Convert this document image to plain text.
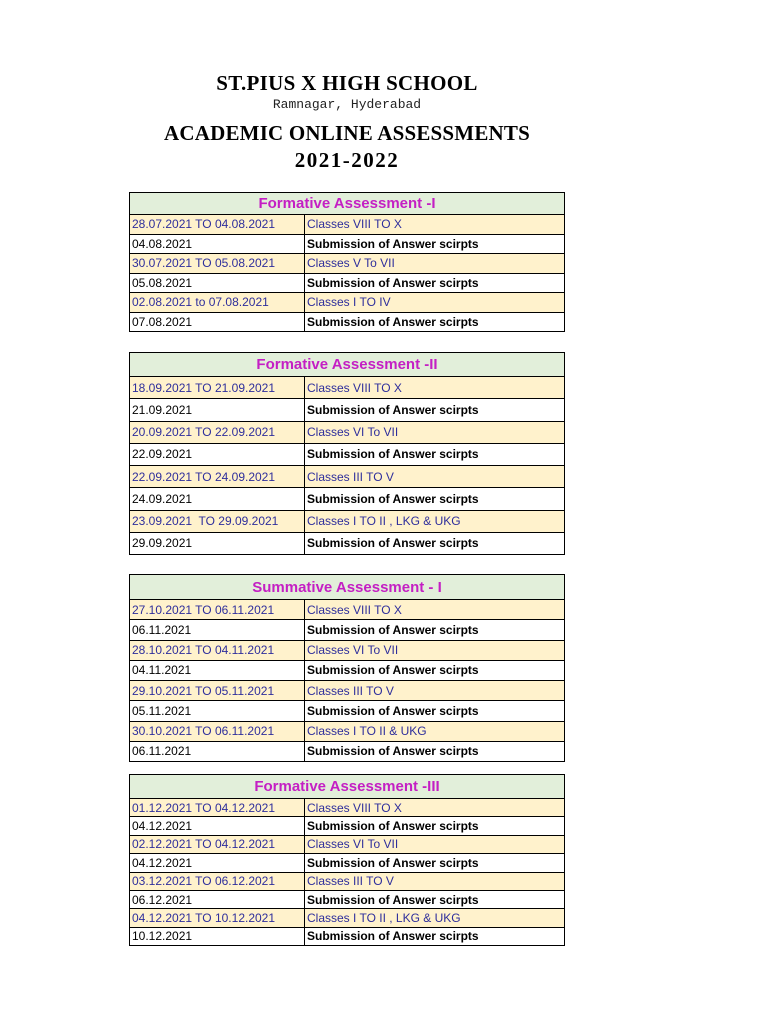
ST.PIUS X HIGH SCHOOL
Ramnagar, Hyderabad
ACADEMIC ONLINE ASSESSMENTS
2021-2022
Formative Assessment -I
28.07.2021 TO 04.08.2021	Classes VIII TO X
04.08.2021	Submission of Answer scirpts
30.07.2021 TO 05.08.2021	Classes V To VII
05.08.2021	Submission of Answer scirpts
02.08.2021 to 07.08.2021	Classes I TO IV
07.08.2021	Submission of Answer scirpts
Formative Assessment -II
18.09.2021 TO 21.09.2021	Classes VIII TO X
21.09.2021	Submission of Answer scirpts
20.09.2021 TO 22.09.2021	Classes VI To VII
22.09.2021	Submission of Answer scirpts
22.09.2021 TO 24.09.2021	Classes III TO V
24.09.2021	Submission of Answer scirpts
23.09.2021  TO 29.09.2021	Classes I TO II , LKG & UKG
29.09.2021	Submission of Answer scirpts
Summative Assessment - I
27.10.2021 TO 06.11.2021	Classes VIII TO X
06.11.2021	Submission of Answer scirpts
28.10.2021 TO 04.11.2021	Classes VI To VII
04.11.2021	Submission of Answer scirpts
29.10.2021 TO 05.11.2021	Classes III TO V
05.11.2021	Submission of Answer scirpts
30.10.2021 TO 06.11.2021	Classes I TO II & UKG
06.11.2021	Submission of Answer scirpts
Formative Assessment -III
01.12.2021 TO 04.12.2021	Classes VIII TO X
04.12.2021	Submission of Answer scirpts
02.12.2021 TO 04.12.2021	Classes VI To VII
04.12.2021	Submission of Answer scirpts
03.12.2021 TO 06.12.2021	Classes III TO V
06.12.2021	Submission of Answer scirpts
04.12.2021 TO 10.12.2021	Classes I TO II , LKG & UKG
10.12.2021	Submission of Answer scirpts
